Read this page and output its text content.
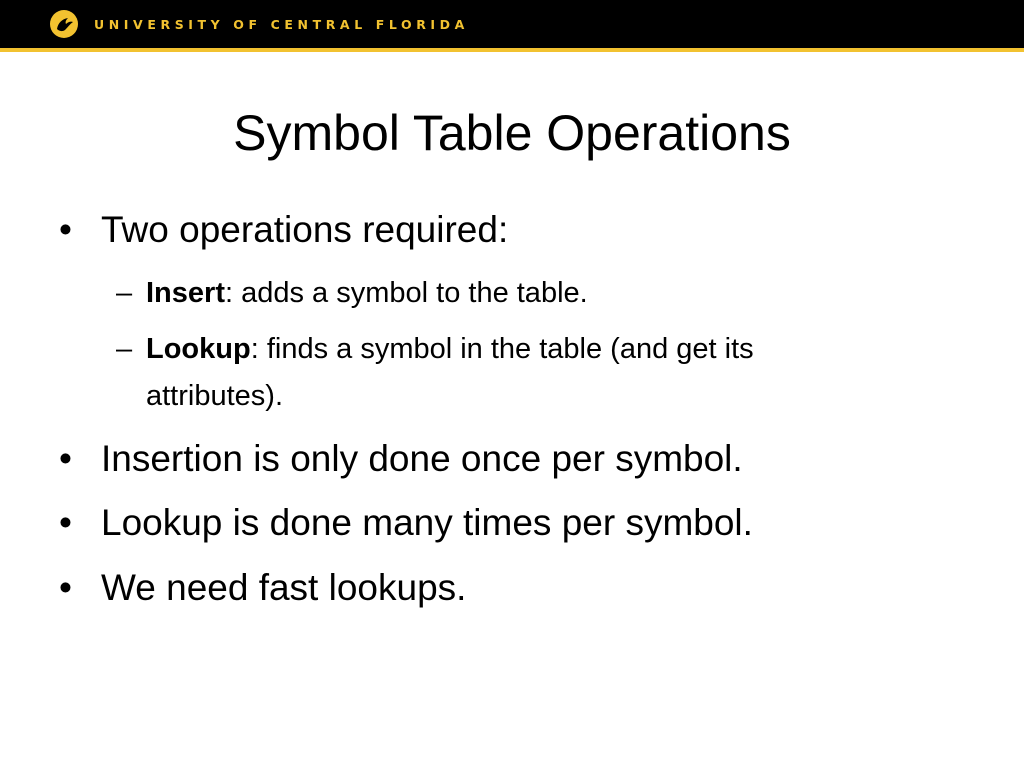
UNIVERSITY OF CENTRAL FLORIDA
Symbol Table Operations
• Two operations required:
– Insert: adds a symbol to the table.
– Lookup: finds a symbol in the table (and get its
attributes).
• Insertion is only done once per symbol.
• Lookup is done many times per symbol.
• We need fast lookups.
